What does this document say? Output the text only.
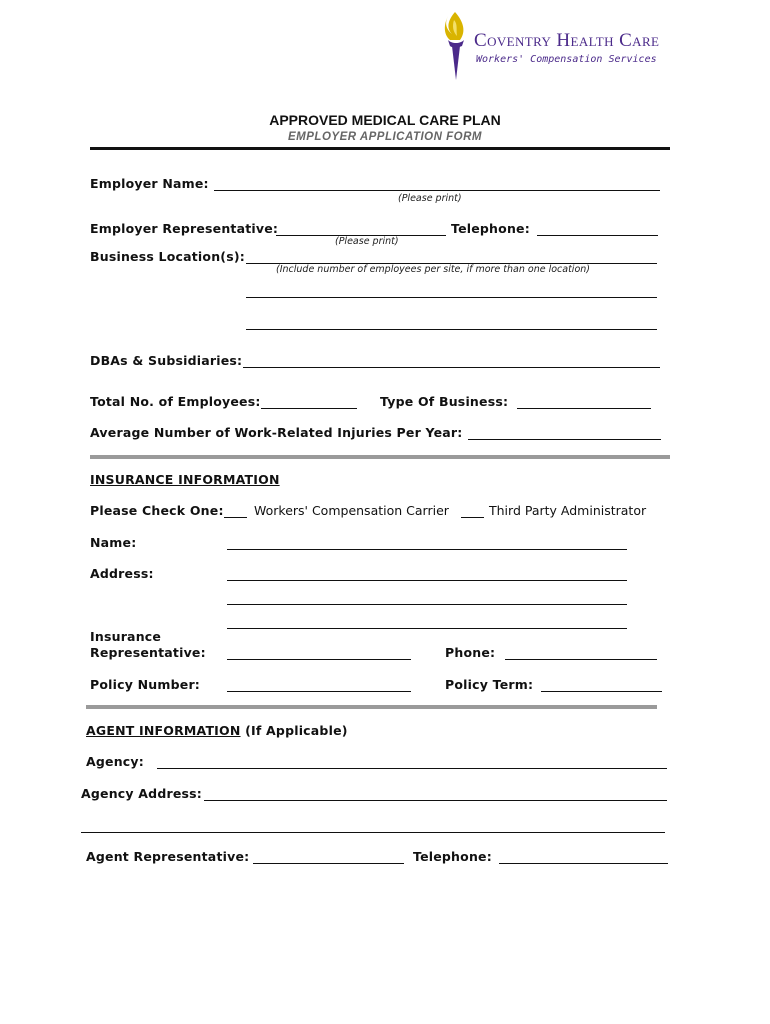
Coventry Health Care
Workers' Compensation Services
APPROVED MEDICAL CARE PLAN
EMPLOYER APPLICATION FORM
Employer Name:
(Please print)
Employer Representative:	Telephone:
(Please print)
Business Location(s):
(Include number of employees per site, if more than one location)
DBAs & Subsidiaries:
Total No. of Employees:	Type Of Business:
Average Number of Work-Related Injuries Per Year:
INSURANCE INFORMATION
Please Check One: Workers' Compensation Carrier	Third Party Administrator
Name:
Address:
Insurance
Representative:	Phone:
Policy Number:	Policy Term:
AGENT INFORMATION (If Applicable)
Agency:
Agency Address:
Agent Representative:	Telephone:
